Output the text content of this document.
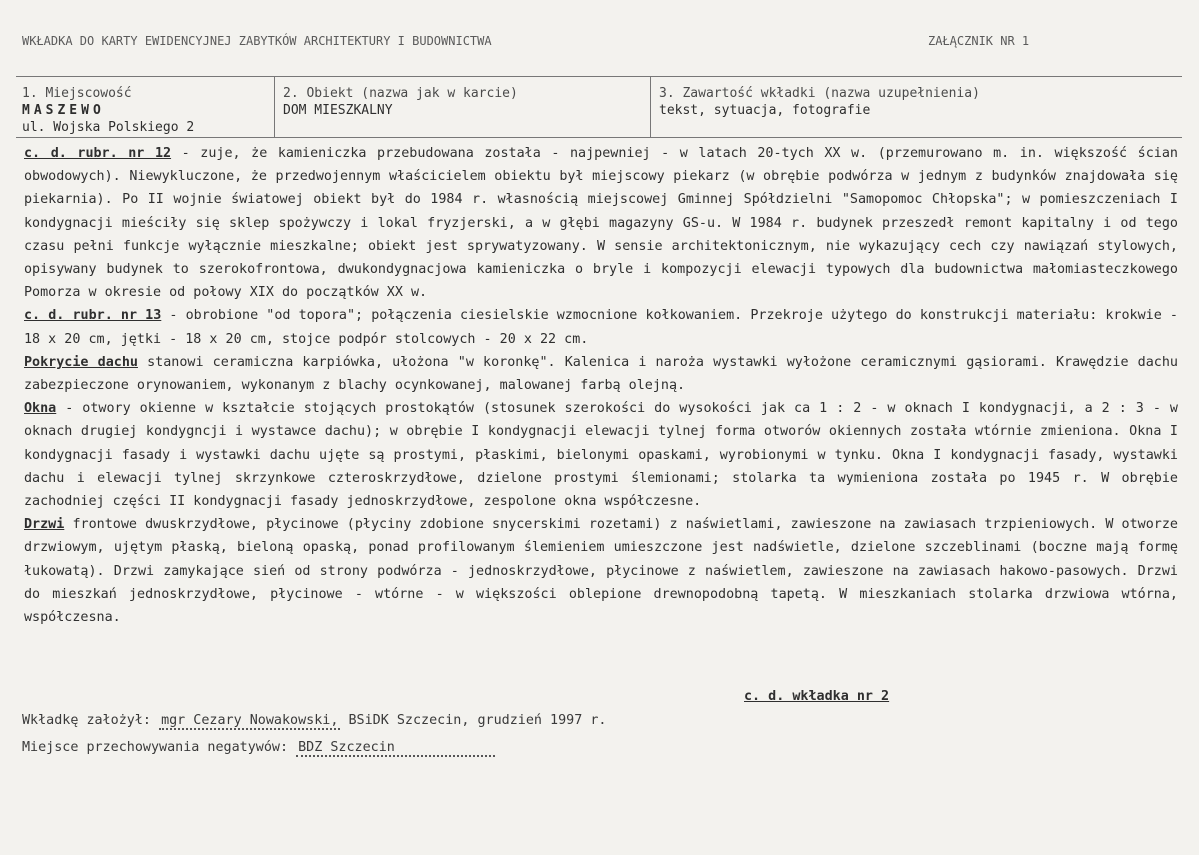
WKŁADKA DO KARTY EWIDENCYJNEJ ZABYTKÓW ARCHITEKTURY I BUDOWNICTWA	ZAŁĄCZNIK NR 1
1. Miejscowość
MASZEWO
ul. Wojska Polskiego 2
2. Obiekt (nazwa jak w karcie)
DOM MIESZKALNY
3. Zawartość wkładki (nazwa uzupełnienia)
tekst, sytuacja, fotografie

c. d. rubr. nr 12 - zuje, że kamieniczka przebudowana została - najpewniej - w latach 20-tych XX w. (przemurowano m. in. większość ścian obwodowych). Niewykluczone, że przedwojennym właścicielem obiektu był miejscowy piekarz (w obrębie podwórza w jednym z budynków znajdowała się piekarnia). Po II wojnie światowej obiekt był do 1984 r. własnością miejscowej Gminnej Spółdzielni "Samopomoc Chłopska"; w pomieszczeniach I kondygnacji mieściły się sklep spożywczy i lokal fryzjerski, a w głębi magazyny GS-u. W 1984 r. budynek przeszedł remont kapitalny i od tego czasu pełni funkcje wyłącznie mieszkalne; obiekt jest sprywatyzowany. W sensie architektonicznym, nie wykazujący cech czy nawiązań stylowych, opisywany budynek to szerokofrontowa, dwukondygnacjowa kamieniczka o bryle i kompozycji elewacji typowych dla budownictwa małomiasteczkowego Pomorza w okresie od połowy XIX do początków XX w.

c. d. rubr. nr 13 - obrobione "od topora"; połączenia ciesielskie wzmocnione kołkowaniem. Przekroje użytego do konstrukcji materiału: krokwie - 18 x 20 cm, jętki - 18 x 20 cm, stojce podpór stolcowych - 20 x 22 cm.

Pokrycie dachu stanowi ceramiczna karpiówka, ułożona "w koronkę". Kalenica i naroża wystawki wyłożone ceramicznymi gąsiorami. Krawędzie dachu zabezpieczone orynowaniem, wykonanym z blachy ocynkowanej, malowanej farbą olejną.

Okna - otwory okienne w kształcie stojących prostokątów (stosunek szerokości do wysokości jak ca 1 : 2 - w oknach I kondygnacji, a 2 : 3 - w oknach drugiej kondygncji i wystawce dachu); w obrębie I kondygnacji elewacji tylnej forma otworów okiennych została wtórnie zmieniona. Okna I kondygnacji fasady i wystawki dachu ujęte są prostymi, płaskimi, bielonymi opaskami, wyrobionymi w tynku. Okna I kondygnacji fasady, wystawki dachu i elewacji tylnej skrzynkowe czteroskrzydłowe, dzielone prostymi ślemionami; stolarka ta wymieniona została po 1945 r. W obrębie zachodniej części II kondygnacji fasady jednoskrzydłowe, zespolone okna współczesne.

Drzwi frontowe dwuskrzydłowe, płycinowe (płyciny zdobione snycerskimi rozetami) z naświetlami, zawieszone na zawiasach trzpieniowych. W otworze drzwiowym, ujętym płaską, bieloną opaską, ponad profilowanym ślemieniem umieszczone jest nadświetle, dzielone szczeblinami (boczne mają formę łukowatą). Drzwi zamykające sień od strony podwórza - jednoskrzydłowe, płycinowe z naświetlem, zawieszone na zawiasach hakowo-pasowych. Drzwi do mieszkań jednoskrzydłowe, płycinowe - wtórne - w większości oblepione drewnopodobną tapetą. W mieszkaniach stolarka drzwiowa wtórna, współczesna.

c. d. wkładka nr 2
Wkładkę założył: mgr Cezary Nowakowski, BSiDK Szczecin, grudzień 1997 r.
Miejsce przechowywania negatywów: BDZ Szczecin
